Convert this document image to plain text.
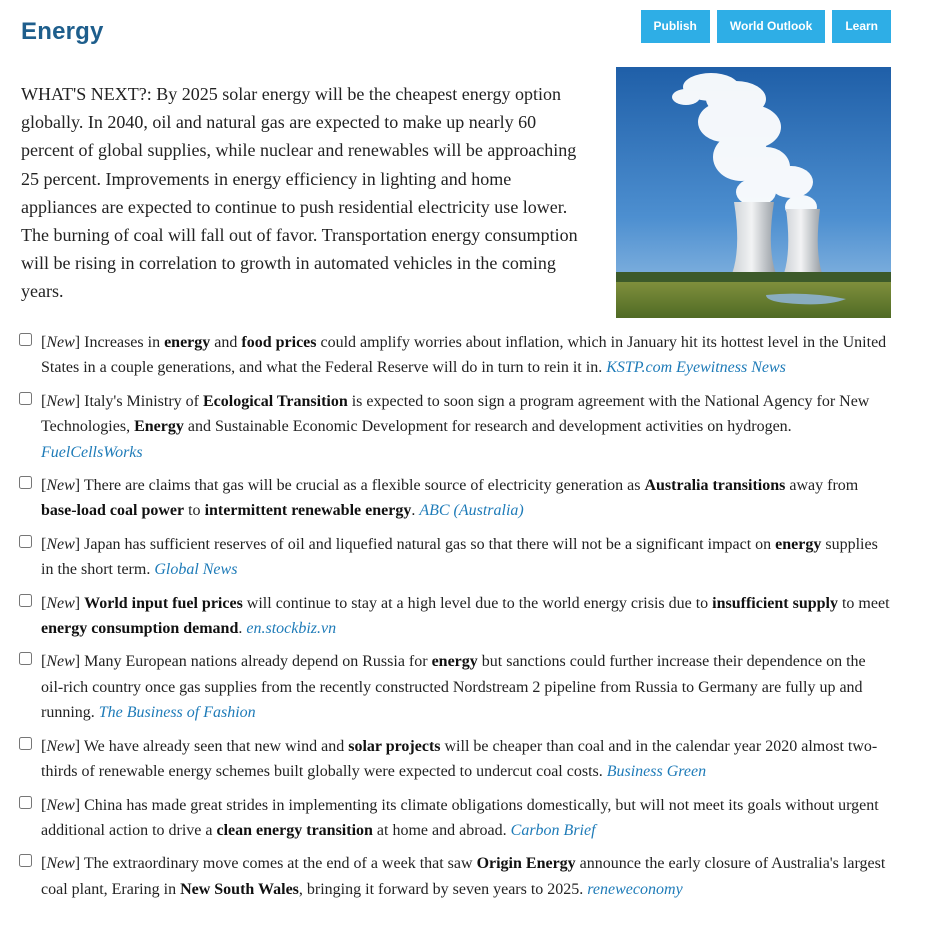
Energy	Publish	World Outlook	Learn

WHAT'S NEXT?: By 2025 solar energy will be the cheapest energy option globally. In 2040, oil and natural gas are expected to make up nearly 60 percent of global supplies, while nuclear and renewables will be approaching 25 percent. Improvements in energy efficiency in lighting and home appliances are expected to continue to push residential electricity use lower. The burning of coal will fall out of favor. Transportation energy consumption will be rising in correlation to growth in automated vehicles in the coming years.

[New] Increases in energy and food prices could amplify worries about inflation, which in January hit its hottest level in the United States in a couple generations, and what the Federal Reserve will do in turn to rein it in. KSTP.com Eyewitness News
[New] Italy's Ministry of Ecological Transition is expected to soon sign a program agreement with the National Agency for New Technologies, Energy and Sustainable Economic Development for research and development activities on hydrogen. FuelCellsWorks
[New] There are claims that gas will be crucial as a flexible source of electricity generation as Australia transitions away from base-load coal power to intermittent renewable energy. ABC (Australia)
[New] Japan has sufficient reserves of oil and liquefied natural gas so that there will not be a significant impact on energy supplies in the short term. Global News
[New] World input fuel prices will continue to stay at a high level due to the world energy crisis due to insufficient supply to meet energy consumption demand. en.stockbiz.vn
[New] Many European nations already depend on Russia for energy but sanctions could further increase their dependence on the oil-rich country once gas supplies from the recently constructed Nordstream 2 pipeline from Russia to Germany are fully up and running. The Business of Fashion
[New] We have already seen that new wind and solar projects will be cheaper than coal and in the calendar year 2020 almost two-thirds of renewable energy schemes built globally were expected to undercut coal costs. Business Green
[New] China has made great strides in implementing its climate obligations domestically, but will not meet its goals without urgent additional action to drive a clean energy transition at home and abroad. Carbon Brief
[New] The extraordinary move comes at the end of a week that saw Origin Energy announce the early closure of Australia's largest coal plant, Eraring in New South Wales, bringing it forward by seven years to 2025. reneweconomy
